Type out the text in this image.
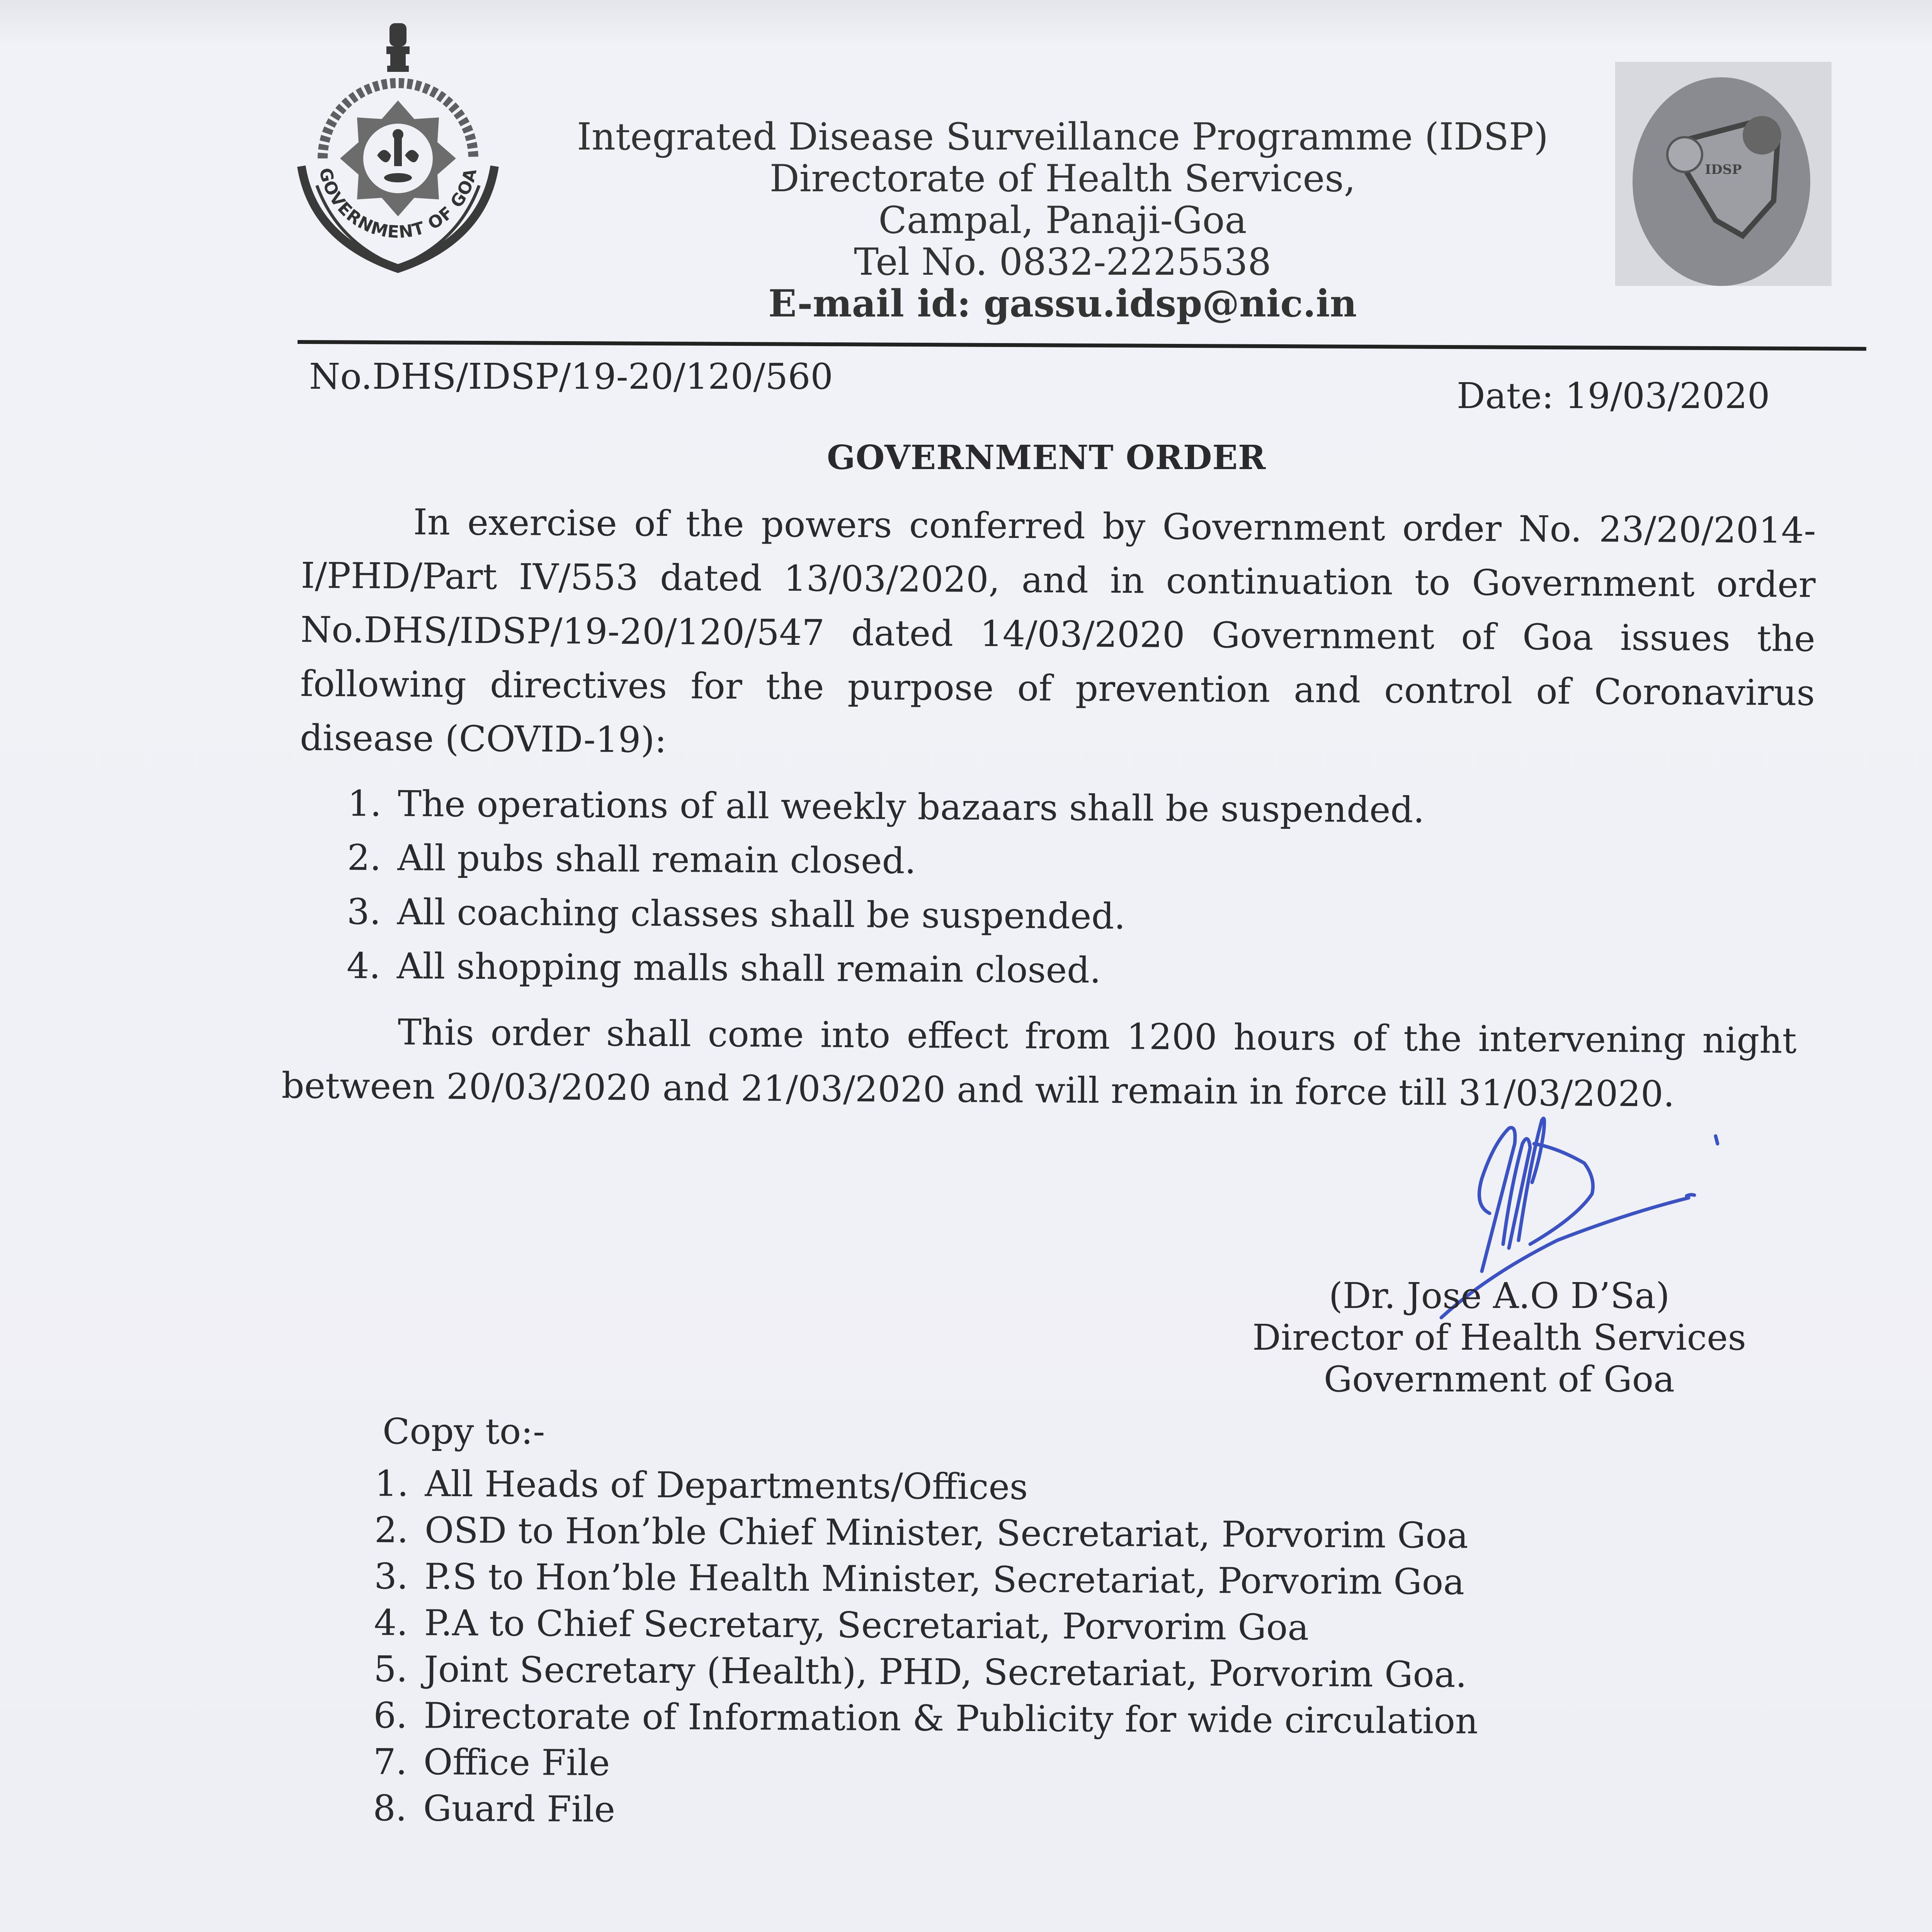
GOVERNMENT OF GOA	IDSP
Integrated Disease Surveillance Programme (IDSP)
Directorate of Health Services,
Campal, Panaji-Goa
Tel No. 0832-2225538
E-mail id: gassu.idsp@nic.in
No.DHS/IDSP/19-20/120/560	Date: 19/03/2020
GOVERNMENT ORDER
In exercise of the powers conferred by Government order No. 23/20/2014-I/PHD/Part IV/553 dated 13/03/2020, and in continuation to Government order No.DHS/IDSP/19-20/120/547 dated 14/03/2020 Government of Goa issues the following directives for the purpose of prevention and control of Coronavirus disease (COVID-19):
1. The operations of all weekly bazaars shall be suspended.
2. All pubs shall remain closed.
3. All coaching classes shall be suspended.
4. All shopping malls shall remain closed.
This order shall come into effect from 1200 hours of the intervening night between 20/03/2020 and 21/03/2020 and will remain in force till 31/03/2020.
(Dr. Jose A.O D’Sa)
Director of Health Services
Government of Goa
Copy to:-
1. All Heads of Departments/Offices
2. OSD to Hon’ble Chief Minister, Secretariat, Porvorim Goa
3. P.S to Hon’ble Health Minister, Secretariat, Porvorim Goa
4. P.A to Chief Secretary, Secretariat, Porvorim Goa
5. Joint Secretary (Health), PHD, Secretariat, Porvorim Goa.
6. Directorate of Information & Publicity for wide circulation
7. Office File
8. Guard File
